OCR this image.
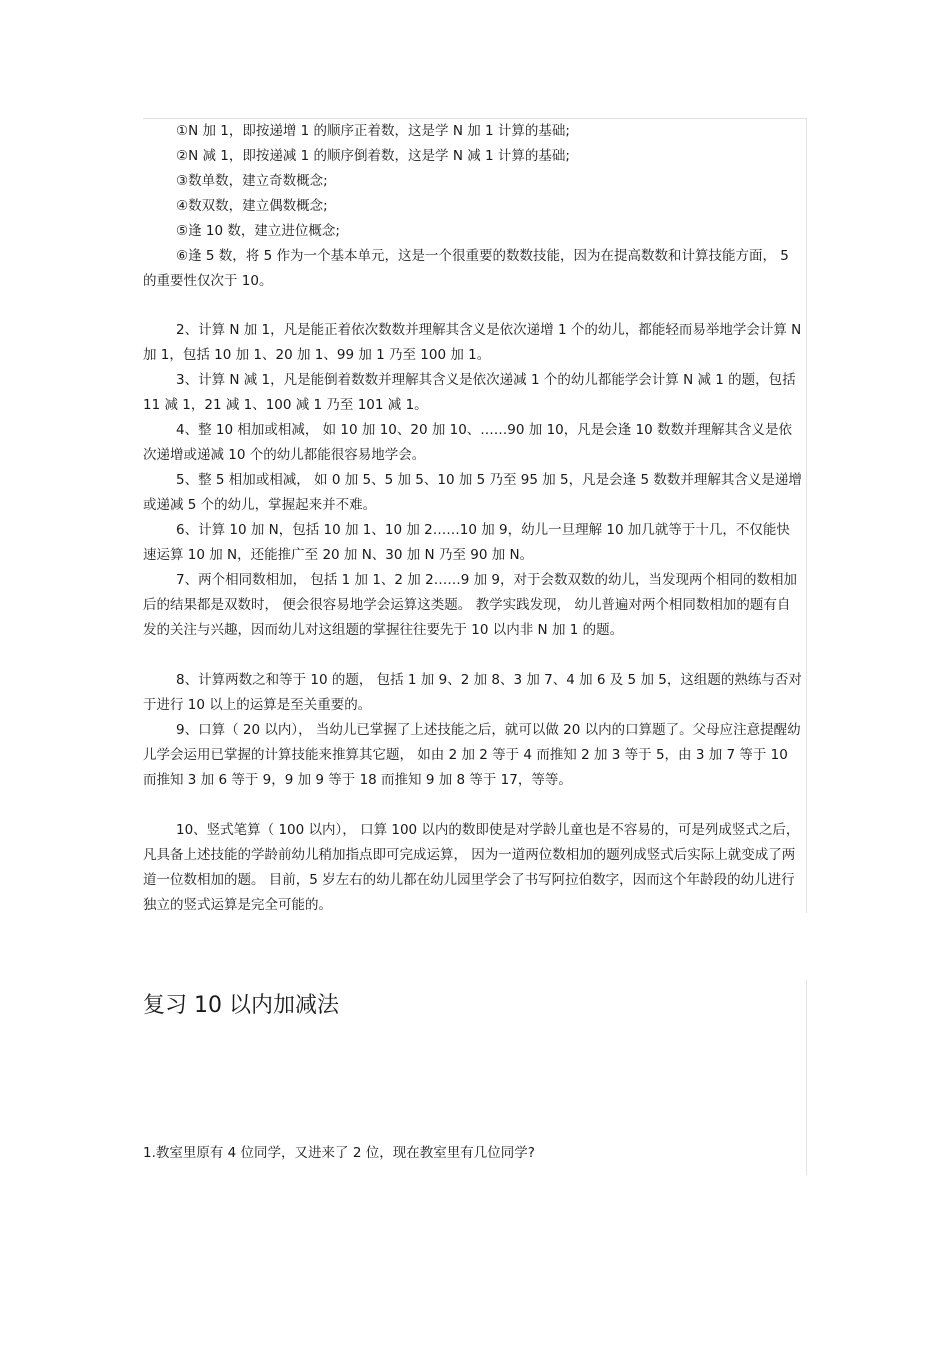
①N 加 1，即按递增 1 的顺序正着数，这是学 N 加 1 计算的基础;

②N 减 1，即按递减 1 的顺序倒着数，这是学 N 减 1 计算的基础;

③数单数，建立奇数概念;

④数双数，建立偶数概念;

⑤逢 10 数，建立进位概念;

⑥逢 5 数，将 5 作为一个基本单元，这是一个很重要的数数技能，因为在提高数数和计算技能方面， 5 的重要性仅次于 10。

2、计算 N 加 1，凡是能正着依次数数并理解其含义是依次递增 1 个的幼儿，都能轻而易举地学会计算 N 加 1，包括 10 加 1、20 加 1、99 加 1 乃至 100 加 1。

3、计算 N 减 1，凡是能倒着数数并理解其含义是依次递减 1 个的幼儿都能学会计算 N 减 1 的题，包括 11 减 1，21 减 1、100 减 1 乃至 101 减 1。

4、整 10 相加或相减， 如 10 加 10、20 加 10、……90 加 10，凡是会逢 10 数数并理解其含义是依次递增或递减 10 个的幼儿都能很容易地学会。

5、整 5 相加或相减， 如 0 加 5、5 加 5、10 加 5 乃至 95 加 5，凡是会逢 5 数数并理解其含义是递增或递减 5 个的幼儿，掌握起来并不难。

6、计算 10 加 N，包括 10 加 1、10 加 2……10 加 9，幼儿一旦理解 10 加几就等于十几，不仅能快速运算 10 加 N，还能推广至 20 加 N、30 加 N 乃至 90 加 N。

7、两个相同数相加， 包括 1 加 1、2 加 2……9 加 9，对于会数双数的幼儿，当发现两个相同的数相加后的结果都是双数时， 便会很容易地学会运算这类题。 教学实践发现， 幼儿普遍对两个相同数相加的题有自发的关注与兴趣，因而幼儿对这组题的掌握往往要先于 10 以内非 N 加 1 的题。

8、计算两数之和等于 10 的题， 包括 1 加 9、2 加 8、3 加 7、4 加 6 及 5 加 5，这组题的熟练与否对于进行 10 以上的运算是至关重要的。

9、口算（ 20 以内）， 当幼儿已掌握了上述技能之后，就可以做 20 以内的口算题了。父母应注意提醒幼儿学会运用已掌握的计算技能来推算其它题， 如由 2 加 2 等于 4 而推知 2 加 3 等于 5，由 3 加 7 等于 10 而推知 3 加 6 等于 9，9 加 9 等于 18 而推知 9 加 8 等于 17，等等。

10、竖式笔算（ 100 以内）， 口算 100 以内的数即使是对学龄儿童也是不容易的，可是列成竖式之后， 凡具备上述技能的学龄前幼儿稍加指点即可完成运算， 因为一道两位数相加的题列成竖式后实际上就变成了两道一位数相加的题。 目前，5 岁左右的幼儿都在幼儿园里学会了书写阿拉伯数字，因而这个年龄段的幼儿进行独立的竖式运算是完全可能的。

复习 10 以内加减法

1.教室里原有 4 位同学，又进来了 2 位，现在教室里有几位同学?
